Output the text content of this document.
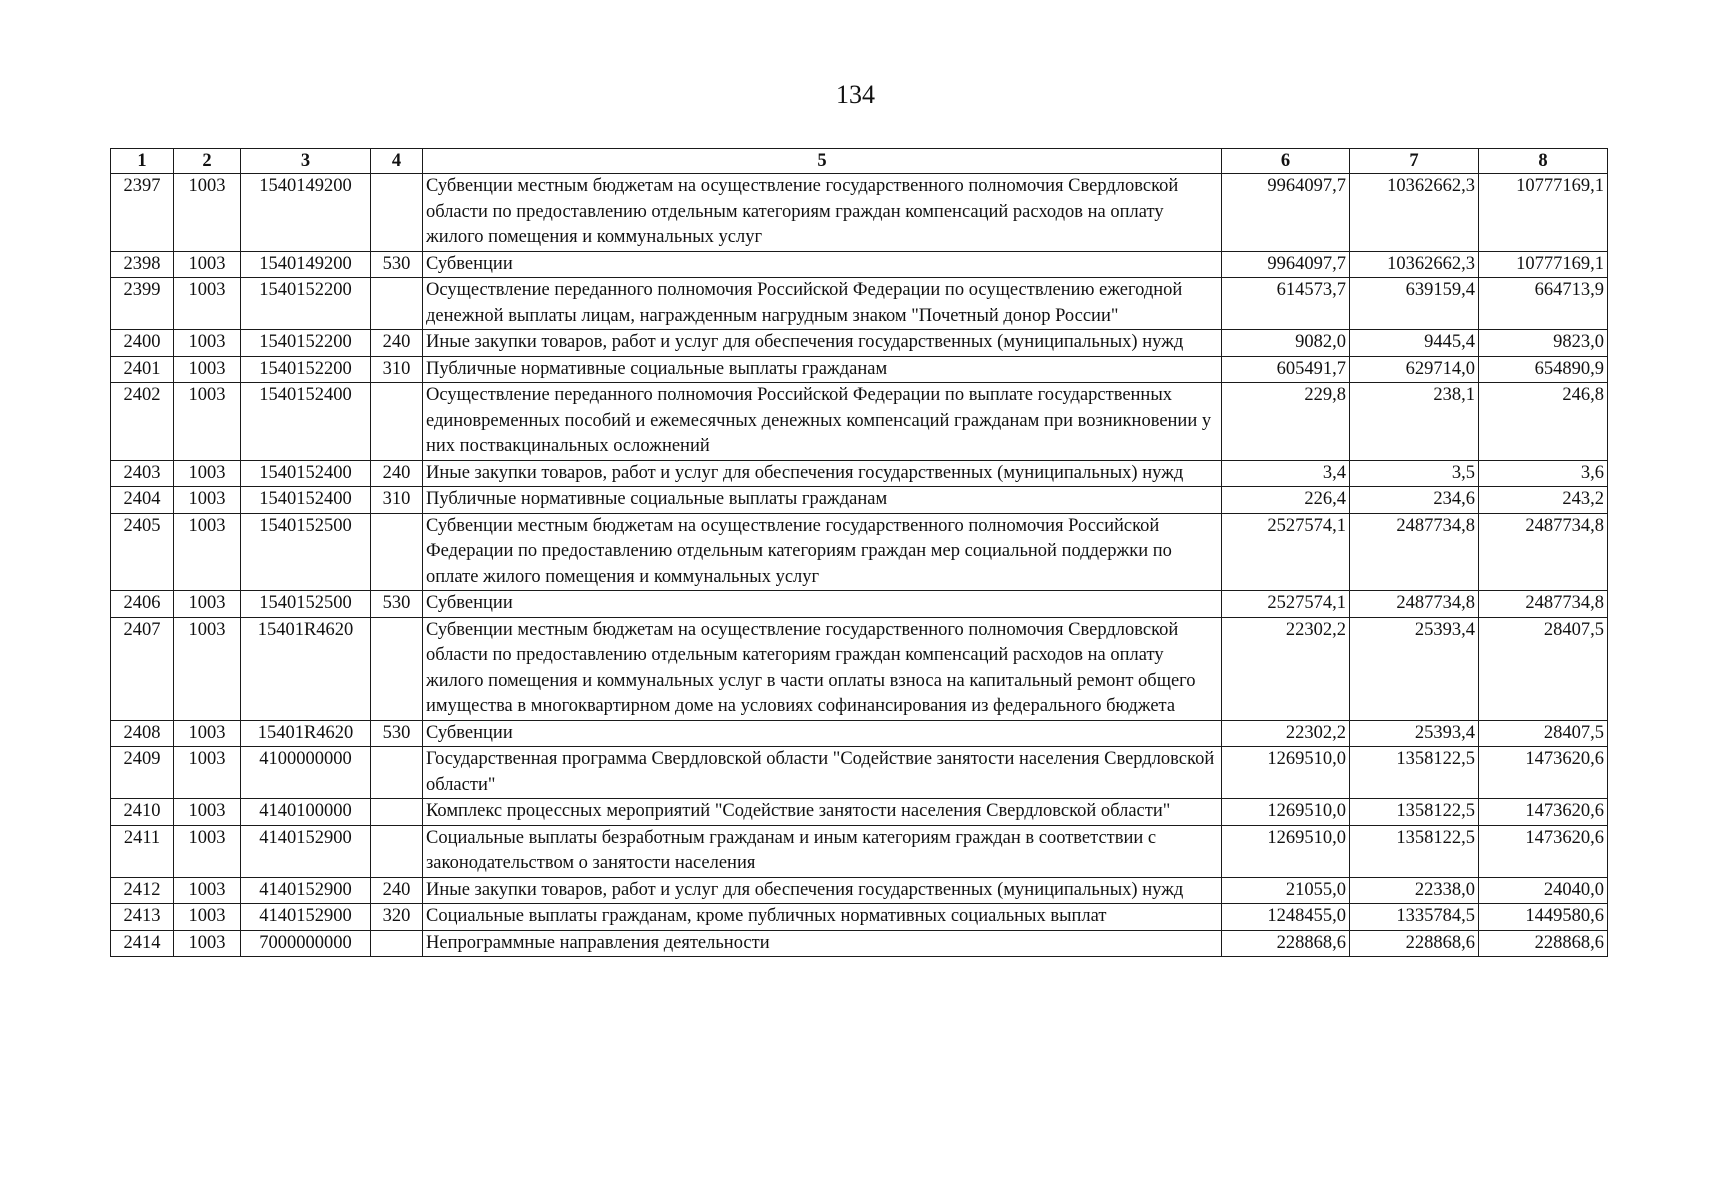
134
1	2	3	4	5	6	7	8
2397	1003	1540149200		Субвенции местным бюджетам на осуществление государственного полномочия Свердловской области по предоставлению отдельным категориям граждан компенсаций расходов на оплату жилого помещения и коммунальных услуг	9964097,7	10362662,3	10777169,1
2398	1003	1540149200	530	Субвенции	9964097,7	10362662,3	10777169,1
2399	1003	1540152200		Осуществление переданного полномочия Российской Федерации по осуществлению ежегодной денежной выплаты лицам, награжденным нагрудным знаком "Почетный донор России"	614573,7	639159,4	664713,9
2400	1003	1540152200	240	Иные закупки товаров, работ и услуг для обеспечения государственных (муниципальных) нужд	9082,0	9445,4	9823,0
2401	1003	1540152200	310	Публичные нормативные социальные выплаты гражданам	605491,7	629714,0	654890,9
2402	1003	1540152400		Осуществление переданного полномочия Российской Федерации по выплате государственных единовременных пособий и ежемесячных денежных компенсаций гражданам при возникновении у них поствакцинальных осложнений	229,8	238,1	246,8
2403	1003	1540152400	240	Иные закупки товаров, работ и услуг для обеспечения государственных (муниципальных) нужд	3,4	3,5	3,6
2404	1003	1540152400	310	Публичные нормативные социальные выплаты гражданам	226,4	234,6	243,2
2405	1003	1540152500		Субвенции местным бюджетам на осуществление государственного полномочия Российской Федерации по предоставлению отдельным категориям граждан мер социальной поддержки по оплате жилого помещения и коммунальных услуг	2527574,1	2487734,8	2487734,8
2406	1003	1540152500	530	Субвенции	2527574,1	2487734,8	2487734,8
2407	1003	15401R4620		Субвенции местным бюджетам на осуществление государственного полномочия Свердловской области по предоставлению отдельным категориям граждан компенсаций расходов на оплату жилого помещения и коммунальных услуг в части оплаты взноса на капитальный ремонт общего имущества в многоквартирном доме на условиях софинансирования из федерального бюджета	22302,2	25393,4	28407,5
2408	1003	15401R4620	530	Субвенции	22302,2	25393,4	28407,5
2409	1003	4100000000		Государственная программа Свердловской области "Содействие занятости населения Свердловской области"	1269510,0	1358122,5	1473620,6
2410	1003	4140100000		Комплекс процессных мероприятий "Содействие занятости населения Свердловской области"	1269510,0	1358122,5	1473620,6
2411	1003	4140152900		Социальные выплаты безработным гражданам и иным категориям граждан в соответствии с законодательством о занятости населения	1269510,0	1358122,5	1473620,6
2412	1003	4140152900	240	Иные закупки товаров, работ и услуг для обеспечения государственных (муниципальных) нужд	21055,0	22338,0	24040,0
2413	1003	4140152900	320	Социальные выплаты гражданам, кроме публичных нормативных социальных выплат	1248455,0	1335784,5	1449580,6
2414	1003	7000000000		Непрограммные направления деятельности	228868,6	228868,6	228868,6
